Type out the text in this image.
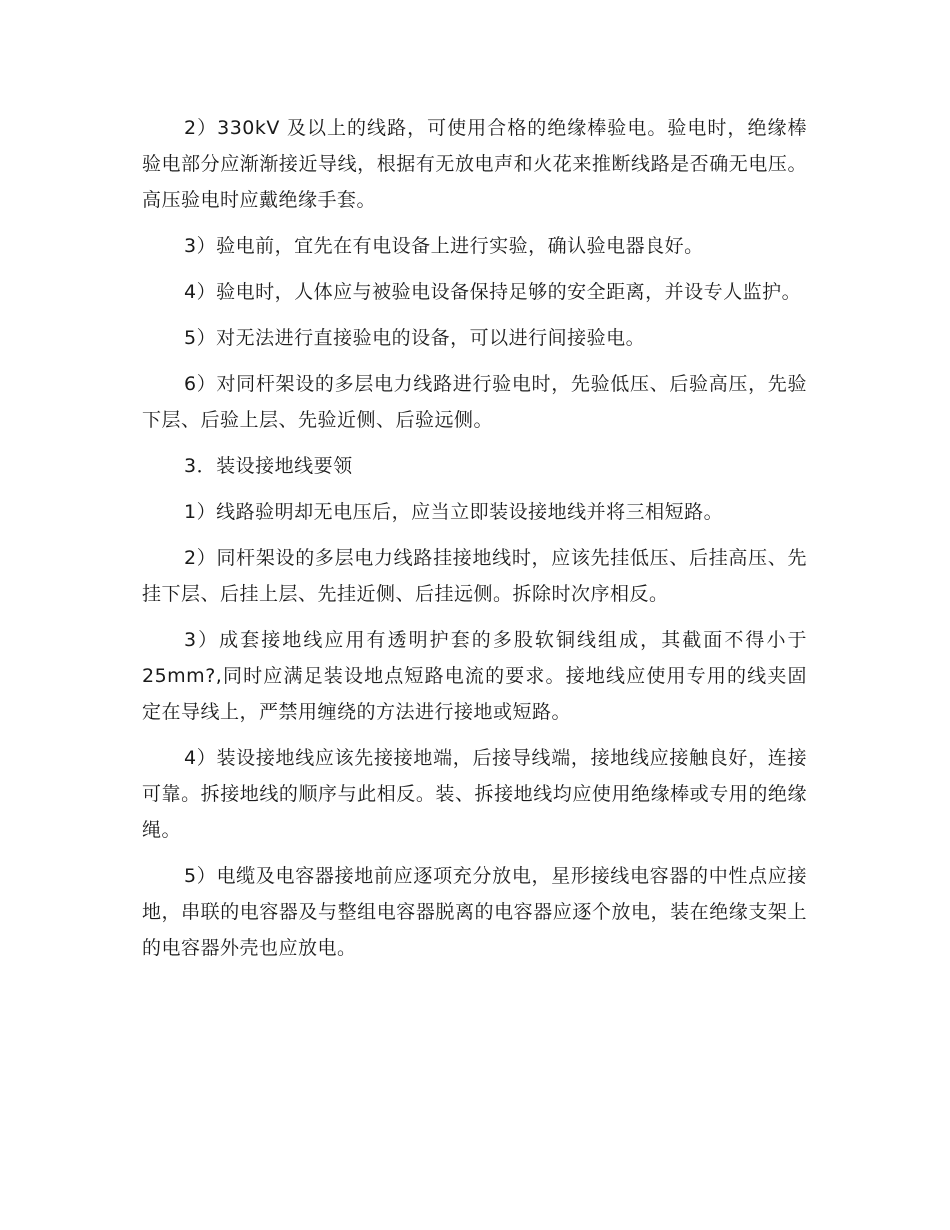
2）330kV 及以上的线路，可使用合格的绝缘棒验电。验电时，绝缘棒验电部分应渐渐接近导线，根据有无放电声和火花来推断线路是否确无电压。高压验电时应戴绝缘手套。

3）验电前，宜先在有电设备上进行实验，确认验电器良好。

4）验电时，人体应与被验电设备保持足够的安全距离，并设专人监护。

5）对无法进行直接验电的设备，可以进行间接验电。

6）对同杆架设的多层电力线路进行验电时，先验低压、后验高压，先验下层、后验上层、先验近侧、后验远侧。

3．装设接地线要领

1）线路验明却无电压后，应当立即装设接地线并将三相短路。

2）同杆架设的多层电力线路挂接地线时，应该先挂低压、后挂高压、先挂下层、后挂上层、先挂近侧、后挂远侧。拆除时次序相反。

3）成套接地线应用有透明护套的多股软铜线组成，其截面不得小于 25mm?,同时应满足装设地点短路电流的要求。接地线应使用专用的线夹固定在导线上，严禁用缠绕的方法进行接地或短路。

4）装设接地线应该先接接地端，后接导线端，接地线应接触良好，连接可靠。拆接地线的顺序与此相反。装、拆接地线均应使用绝缘棒或专用的绝缘绳。

5）电缆及电容器接地前应逐项充分放电，星形接线电容器的中性点应接地，串联的电容器及与整组电容器脱离的电容器应逐个放电，装在绝缘支架上的电容器外壳也应放电。
